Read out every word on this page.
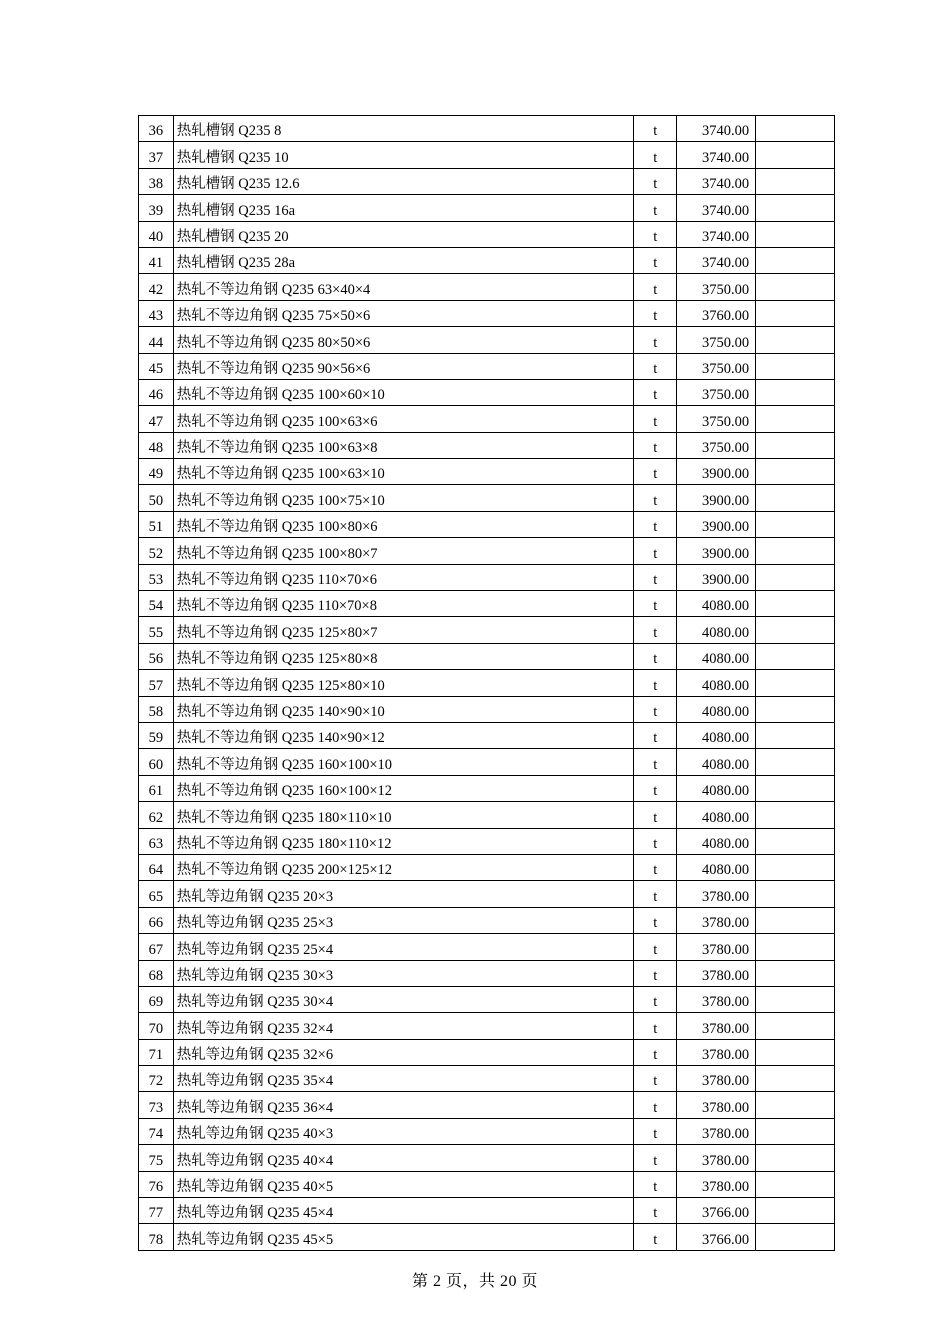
36	热轧槽钢 Q235 8	t	3740.00	
37	热轧槽钢 Q235 10	t	3740.00	
38	热轧槽钢 Q235 12.6	t	3740.00	
39	热轧槽钢 Q235 16a	t	3740.00	
40	热轧槽钢 Q235 20	t	3740.00	
41	热轧槽钢 Q235 28a	t	3740.00	
42	热轧不等边角钢 Q235 63×40×4	t	3750.00	
43	热轧不等边角钢 Q235 75×50×6	t	3760.00	
44	热轧不等边角钢 Q235 80×50×6	t	3750.00	
45	热轧不等边角钢 Q235 90×56×6	t	3750.00	
46	热轧不等边角钢 Q235 100×60×10	t	3750.00	
47	热轧不等边角钢 Q235 100×63×6	t	3750.00	
48	热轧不等边角钢 Q235 100×63×8	t	3750.00	
49	热轧不等边角钢 Q235 100×63×10	t	3900.00	
50	热轧不等边角钢 Q235 100×75×10	t	3900.00	
51	热轧不等边角钢 Q235 100×80×6	t	3900.00	
52	热轧不等边角钢 Q235 100×80×7	t	3900.00	
53	热轧不等边角钢 Q235 110×70×6	t	3900.00	
54	热轧不等边角钢 Q235 110×70×8	t	4080.00	
55	热轧不等边角钢 Q235 125×80×7	t	4080.00	
56	热轧不等边角钢 Q235 125×80×8	t	4080.00	
57	热轧不等边角钢 Q235 125×80×10	t	4080.00	
58	热轧不等边角钢 Q235 140×90×10	t	4080.00	
59	热轧不等边角钢 Q235 140×90×12	t	4080.00	
60	热轧不等边角钢 Q235 160×100×10	t	4080.00	
61	热轧不等边角钢 Q235 160×100×12	t	4080.00	
62	热轧不等边角钢 Q235 180×110×10	t	4080.00	
63	热轧不等边角钢 Q235 180×110×12	t	4080.00	
64	热轧不等边角钢 Q235 200×125×12	t	4080.00	
65	热轧等边角钢 Q235 20×3	t	3780.00	
66	热轧等边角钢 Q235 25×3	t	3780.00	
67	热轧等边角钢 Q235 25×4	t	3780.00	
68	热轧等边角钢 Q235 30×3	t	3780.00	
69	热轧等边角钢 Q235 30×4	t	3780.00	
70	热轧等边角钢 Q235 32×4	t	3780.00	
71	热轧等边角钢 Q235 32×6	t	3780.00	
72	热轧等边角钢 Q235 35×4	t	3780.00	
73	热轧等边角钢 Q235 36×4	t	3780.00	
74	热轧等边角钢 Q235 40×3	t	3780.00	
75	热轧等边角钢 Q235 40×4	t	3780.00	
76	热轧等边角钢 Q235 40×5	t	3780.00	
77	热轧等边角钢 Q235 45×4	t	3766.00	
78	热轧等边角钢 Q235 45×5	t	3766.00	
第 2 页，共 20 页
